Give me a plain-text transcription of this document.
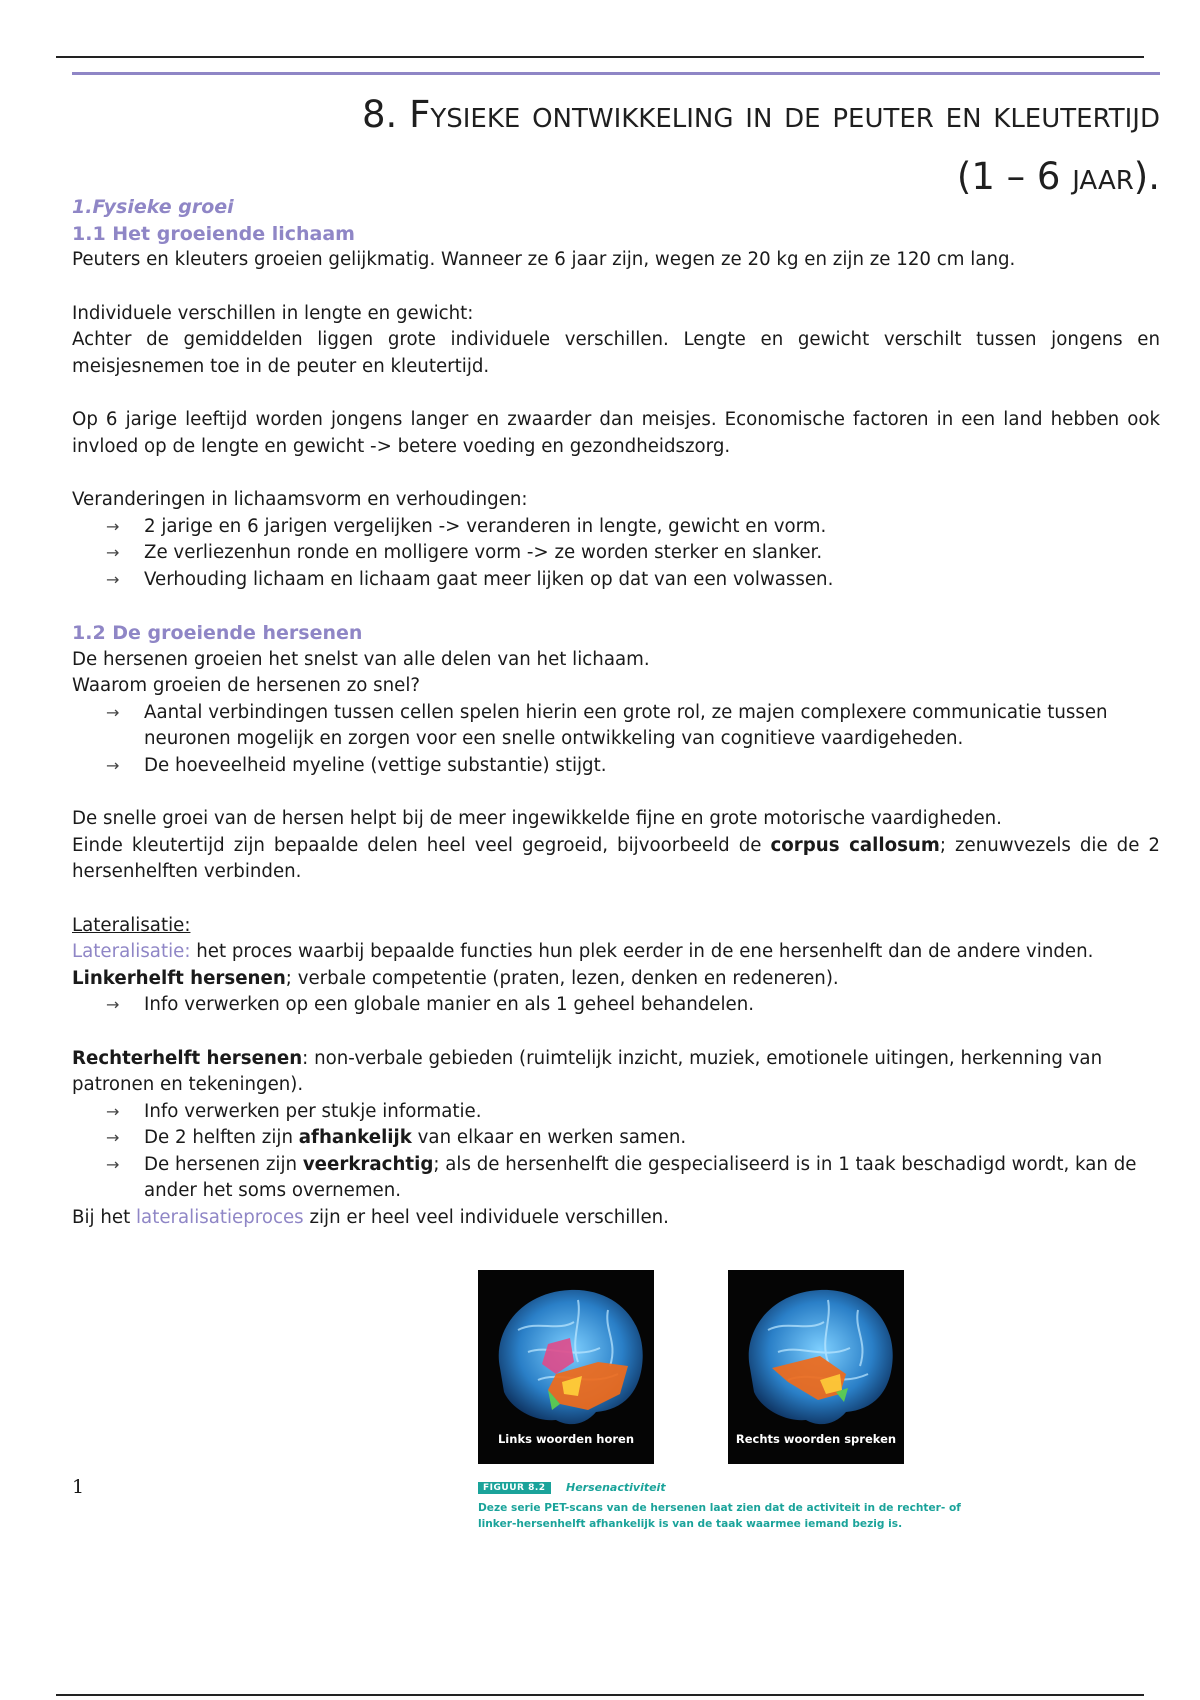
8. Fysieke ontwikkeling in de peuter en kleutertijd
(1 – 6 jaar).

1.Fysieke groei

1.1 Het groeiende lichaam

Peuters en kleuters groeien gelijkmatig. Wanneer ze 6 jaar zijn, wegen ze 20 kg en zijn ze 120 cm lang.

Individuele verschillen in lengte en gewicht:

Achter de gemiddelden liggen grote individuele verschillen. Lengte en gewicht verschilt tussen jongens en meisjesnemen toe in de peuter en kleutertijd.

Op 6 jarige leeftijd worden jongens langer en zwaarder dan meisjes. Economische factoren in een land hebben ook invloed op de lengte en gewicht -> betere voeding en gezondheidszorg.

Veranderingen in lichaamsvorm en verhoudingen:

→ 2 jarige en 6 jarigen vergelijken -> veranderen in lengte, gewicht en vorm.
→ Ze verliezenhun ronde en molligere vorm -> ze worden sterker en slanker.
→ Verhouding lichaam en lichaam gaat meer lijken op dat van een volwassen.

1.2 De groeiende hersenen

De hersenen groeien het snelst van alle delen van het lichaam.

Waarom groeien de hersenen zo snel?

→ Aantal verbindingen tussen cellen spelen hierin een grote rol, ze majen complexere communicatie tussen neuronen mogelijk en zorgen voor een snelle ontwikkeling van cognitieve vaardigeheden.
→ De hoeveelheid myeline (vettige substantie) stijgt.

De snelle groei van de hersen helpt bij de meer ingewikkelde fijne en grote motorische vaardigheden.

Einde kleutertijd zijn bepaalde delen heel veel gegroeid, bijvoorbeeld de corpus callosum; zenuwvezels die de 2 hersenhelften verbinden.

Lateralisatie:

Lateralisatie: het proces waarbij bepaalde functies hun plek eerder in de ene hersenhelft dan de andere vinden.

Linkerhelft hersenen; verbale competentie (praten, lezen, denken en redeneren).

→ Info verwerken op een globale manier en als 1 geheel behandelen.

Rechterhelft hersenen: non-verbale gebieden (ruimtelijk inzicht, muziek, emotionele uitingen, herkenning van patronen en tekeningen).

→ Info verwerken per stukje informatie.
→ De 2 helften zijn afhankelijk van elkaar en werken samen.
→ De hersenen zijn veerkrachtig; als de hersenhelft die gespecialiseerd is in 1 taak beschadigd wordt, kan de ander het soms overnemen.

Bij het lateralisatieproces zijn er heel veel individuele verschillen.

Links woorden horen	Rechts woorden spreken
FIGUUR 8.2	Hersenactiviteit
Deze serie PET-scans van de hersenen laat zien dat de activiteit in de rechter- of linker-hersenhelft afhankelijk is van de taak waarmee iemand bezig is.
1
